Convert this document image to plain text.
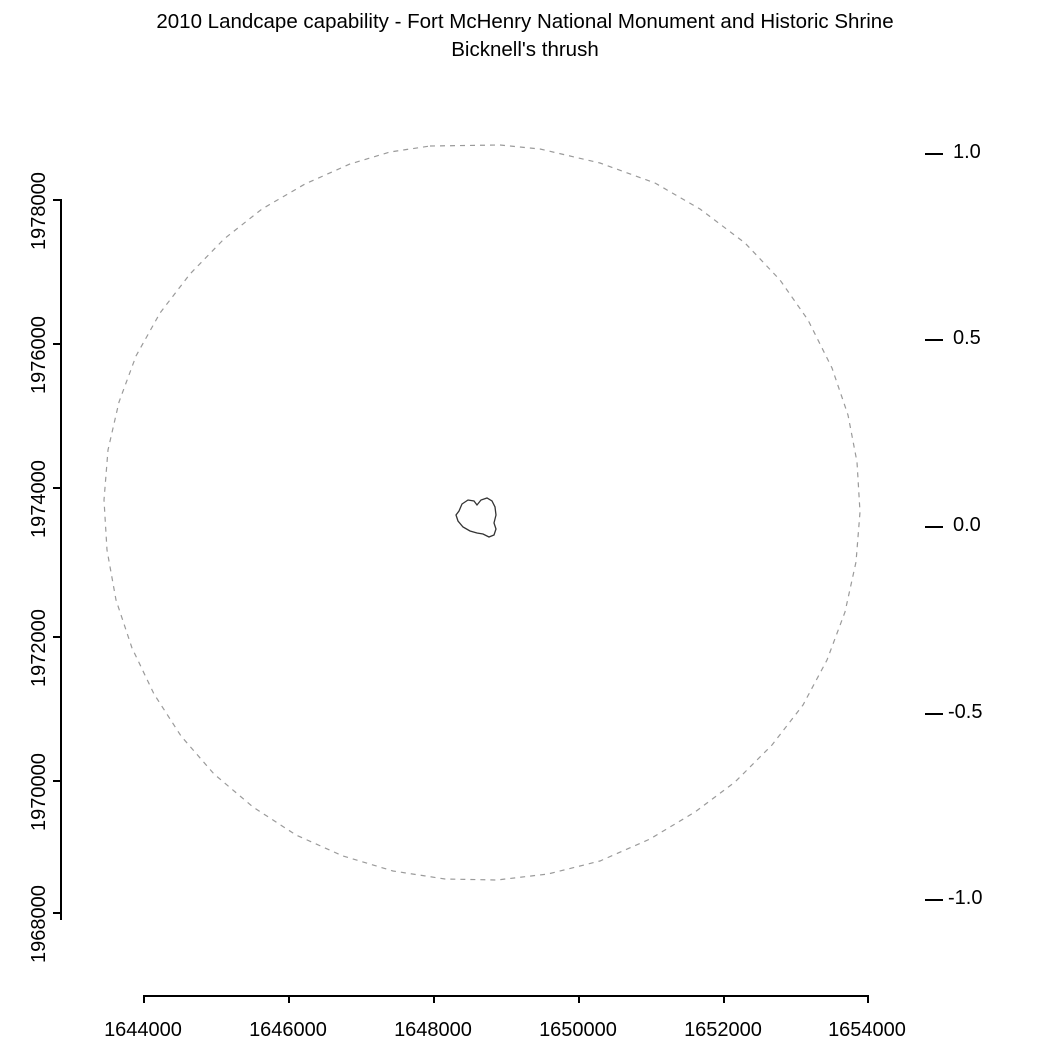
2010 Landcape capability - Fort McHenry National Monument and Historic Shrine
Bicknell's thrush
1968000
1970000
1972000
1974000
1976000
1978000
1.0
0.5
0.0
-0.5
-1.0
1644000	1646000	1648000	1650000	1652000	1654000
